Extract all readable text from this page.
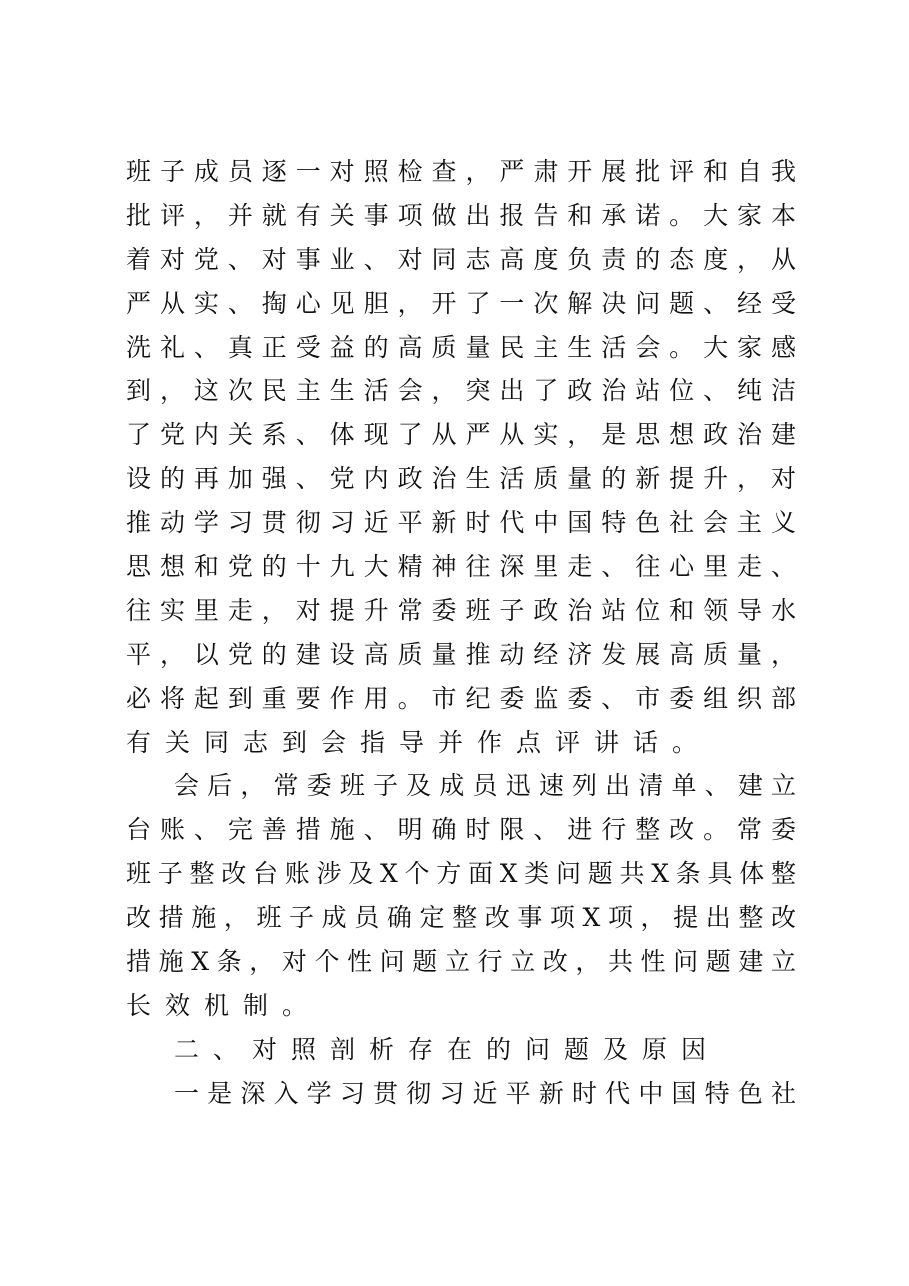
班子成员逐一对照检查，严肃开展批评和自我
批评，并就有关事项做出报告和承诺。大家本
着对党、对事业、对同志高度负责的态度，从
严从实、掏心见胆，开了一次解决问题、经受
洗礼、真正受益的高质量民主生活会。大家感
到，这次民主生活会，突出了政治站位、纯洁
了党内关系、体现了从严从实，是思想政治建
设的再加强、党内政治生活质量的新提升，对
推动学习贯彻习近平新时代中国特色社会主义
思想和党的十九大精神往深里走、往心里走、
往实里走，对提升常委班子政治站位和领导水
平，以党的建设高质量推动经济发展高质量，
必将起到重要作用。市纪委监委、市委组织部
有关同志到会指导并作点评讲话。
会后，常委班子及成员迅速列出清单、建立
台账、完善措施、明确时限、进行整改。常委
班子整改台账涉及X个方面X类问题共X条具体整
改措施，班子成员确定整改事项X项，提出整改
措施X条，对个性问题立行立改，共性问题建立
长效机制。
二、对照剖析存在的问题及原因
一是深入学习贯彻习近平新时代中国特色社
